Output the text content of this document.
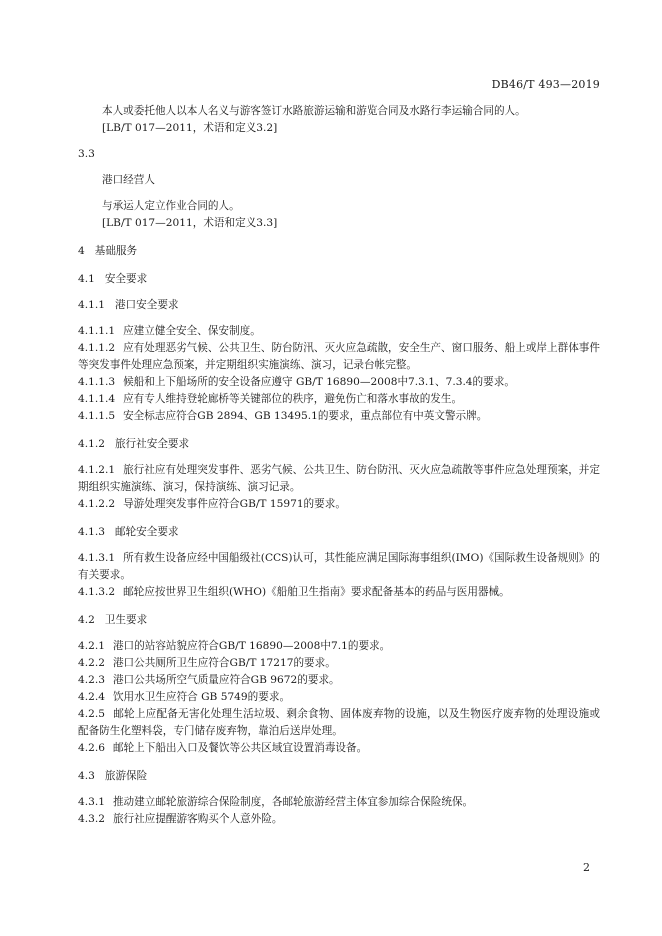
DB46/T 493—2019
本人或委托他人以本人名义与游客签订水路旅游运输和游览合同及水路行李运输合同的人。
[LB/T 017—2011，术语和定义3.2]
3.3
港口经营人
与承运人定立作业合同的人。
[LB/T 017—2011，术语和定义3.3]
4 基础服务
4.1 安全要求
4.1.1 港口安全要求
4.1.1.1 应建立健全安全、保安制度。
4.1.1.2 应有处理恶劣气候、公共卫生、防台防汛、灭火应急疏散，安全生产、窗口服务、船上或岸上群体事件等突发事件处理应急预案，并定期组织实施演练、演习，记录台帐完整。
4.1.1.3 候船和上下船场所的安全设备应遵守 GB/T 16890—2008中7.3.1、7.3.4的要求。
4.1.1.4 应有专人维持登轮廊桥等关键部位的秩序，避免伤亡和落水事故的发生。
4.1.1.5 安全标志应符合GB 2894、GB 13495.1的要求，重点部位有中英文警示牌。
4.1.2 旅行社安全要求
4.1.2.1 旅行社应有处理突发事件、恶劣气候、公共卫生、防台防汛、灭火应急疏散等事件应急处理预案，并定期组织实施演练、演习，保持演练、演习记录。
4.1.2.2 导游处理突发事件应符合GB/T 15971的要求。
4.1.3 邮轮安全要求
4.1.3.1 所有救生设备应经中国船级社(CCS)认可，其性能应满足国际海事组织(IMO)《国际救生设备规则》的有关要求。
4.1.3.2 邮轮应按世界卫生组织(WHO)《船舶卫生指南》要求配备基本的药品与医用器械。
4.2 卫生要求
4.2.1 港口的站容站貌应符合GB/T 16890—2008中7.1的要求。
4.2.2 港口公共厕所卫生应符合GB/T 17217的要求。
4.2.3 港口公共场所空气质量应符合GB 9672的要求。
4.2.4 饮用水卫生应符合 GB 5749的要求。
4.2.5 邮轮上应配备无害化处理生活垃圾、剩余食物、固体废弃物的设施，以及生物医疗废弃物的处理设施或配备防生化塑料袋，专门储存废弃物，靠泊后送岸处理。
4.2.6 邮轮上下船出入口及餐饮等公共区域宜设置消毒设备。
4.3 旅游保险
4.3.1 推动建立邮轮旅游综合保险制度，各邮轮旅游经营主体宜参加综合保险统保。
4.3.2 旅行社应提醒游客购买个人意外险。
2
